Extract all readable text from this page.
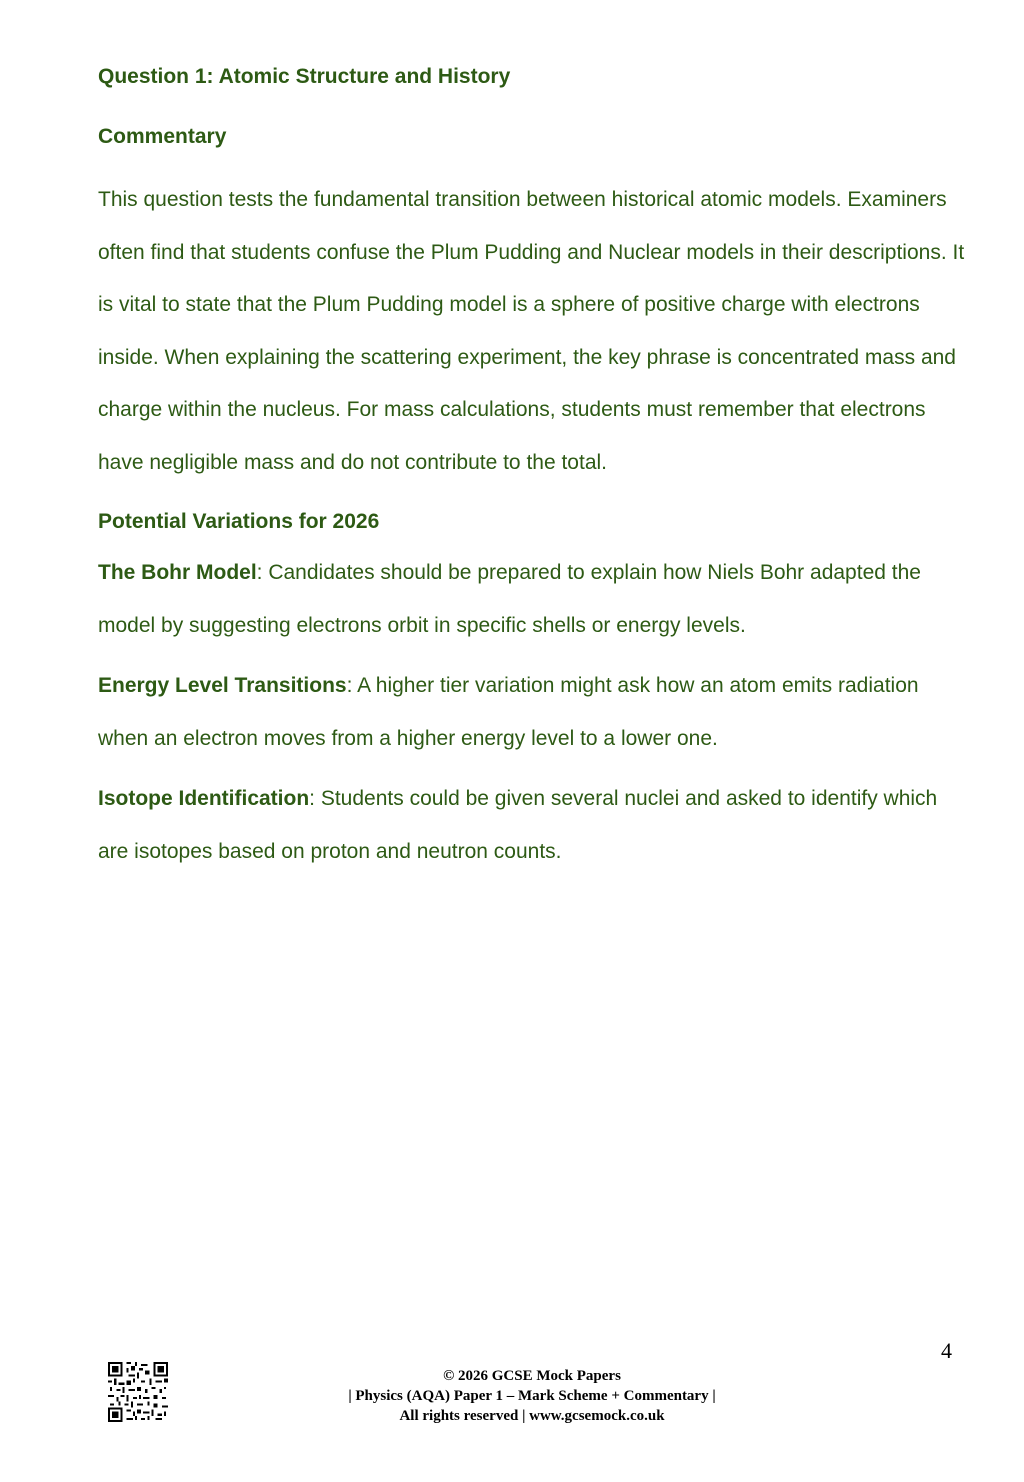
Question 1: Atomic Structure and History
Commentary
This question tests the fundamental transition between historical atomic models. Examiners often find that students confuse the Plum Pudding and Nuclear models in their descriptions. It is vital to state that the Plum Pudding model is a sphere of positive charge with electrons inside. When explaining the scattering experiment, the key phrase is concentrated mass and charge within the nucleus. For mass calculations, students must remember that electrons have negligible mass and do not contribute to the total.
Potential Variations for 2026
The Bohr Model: Candidates should be prepared to explain how Niels Bohr adapted the model by suggesting electrons orbit in specific shells or energy levels.
Energy Level Transitions: A higher tier variation might ask how an atom emits radiation when an electron moves from a higher energy level to a lower one.
Isotope Identification: Students could be given several nuclei and asked to identify which are isotopes based on proton and neutron counts.
4
© 2026 GCSE Mock Papers
| Physics (AQA) Paper 1 – Mark Scheme + Commentary |
All rights reserved | www.gcsemock.co.uk
